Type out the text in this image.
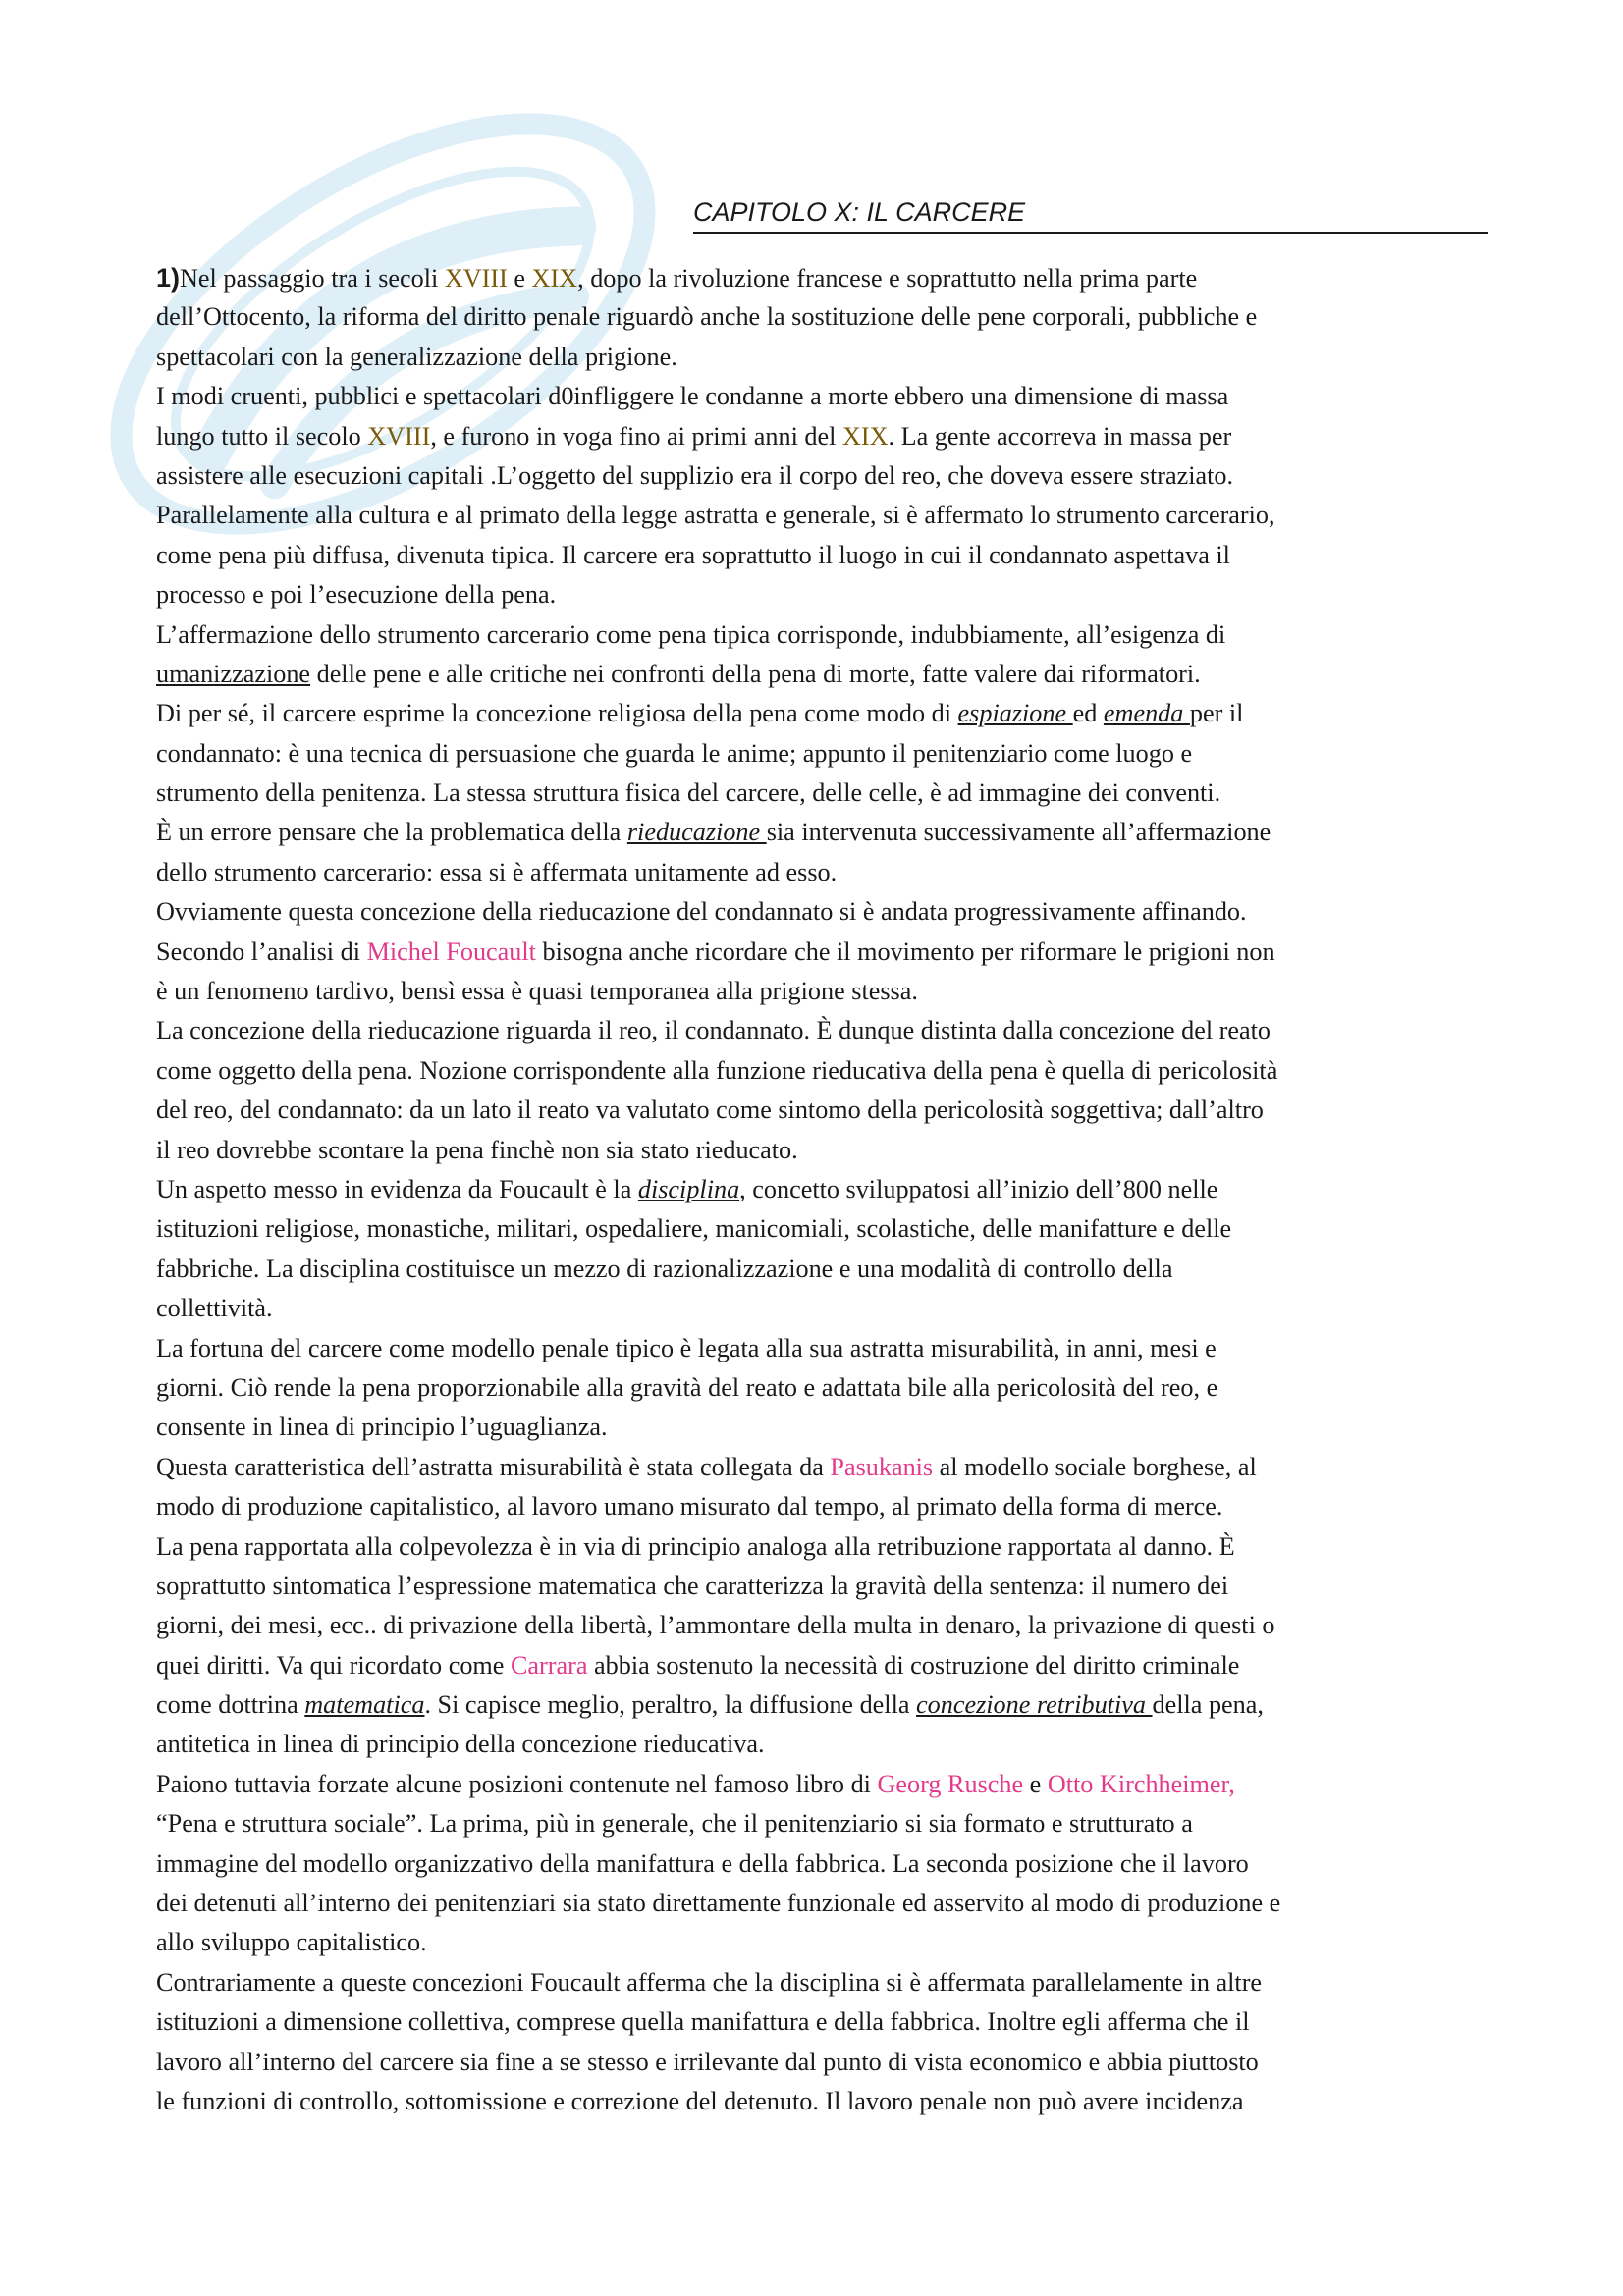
CAPITOLO X: IL CARCERE
1)Nel passaggio tra i secoli XVIII e XIX, dopo la rivoluzione francese e soprattutto nella prima parte
dell’Ottocento, la riforma del diritto penale riguardò anche la sostituzione delle pene corporali, pubbliche e
spettacolari con la generalizzazione della prigione.
I modi cruenti, pubblici e spettacolari d0infliggere le condanne a morte ebbero una dimensione di massa
lungo tutto il secolo XVIII, e furono in voga fino ai primi anni del XIX. La gente accorreva in massa per
assistere alle esecuzioni capitali .L’oggetto del supplizio era il corpo del reo, che doveva essere straziato.
Parallelamente alla cultura e al primato della legge astratta e generale, si è affermato lo strumento carcerario,
come pena più diffusa, divenuta tipica. Il carcere era soprattutto il luogo in cui il condannato aspettava il
processo e poi l’esecuzione della pena.
L’affermazione dello strumento carcerario come pena tipica corrisponde, indubbiamente, all’esigenza di
umanizzazione delle pene e alle critiche nei confronti della pena di morte, fatte valere dai riformatori.
Di per sé, il carcere esprime la concezione religiosa della pena come modo di espiazione ed emenda per il
condannato: è una tecnica di persuasione che guarda le anime; appunto il penitenziario come luogo e
strumento della penitenza. La stessa struttura fisica del carcere, delle celle, è ad immagine dei conventi.
È un errore pensare che la problematica della rieducazione sia intervenuta successivamente all’affermazione
dello strumento carcerario: essa si è affermata unitamente ad esso.
Ovviamente questa concezione della rieducazione del condannato si è andata progressivamente affinando.
Secondo l’analisi di Michel Foucault bisogna anche ricordare che il movimento per riformare le prigioni non
è un fenomeno tardivo, bensì essa è quasi temporanea alla prigione stessa.
La concezione della rieducazione riguarda il reo, il condannato. È dunque distinta dalla concezione del reato
come oggetto della pena. Nozione corrispondente alla funzione rieducativa della pena è quella di pericolosità
del reo, del condannato: da un lato il reato va valutato come sintomo della pericolosità soggettiva; dall’altro
il reo dovrebbe scontare la pena finchè non sia stato rieducato.
Un aspetto messo in evidenza da Foucault è la disciplina, concetto sviluppatosi all’inizio dell’800 nelle
istituzioni religiose, monastiche, militari, ospedaliere, manicomiali, scolastiche, delle manifatture e delle
fabbriche. La disciplina costituisce un mezzo di razionalizzazione e una modalità di controllo della
collettività.
La fortuna del carcere come modello penale tipico è legata alla sua astratta misurabilità, in anni, mesi e
giorni. Ciò rende la pena proporzionabile alla gravità del reato e adattata bile alla pericolosità del reo, e
consente in linea di principio l’uguaglianza.
Questa caratteristica dell’astratta misurabilità è stata collegata da Pasukanis al modello sociale borghese, al
modo di produzione capitalistico, al lavoro umano misurato dal tempo, al primato della forma di merce.
La pena rapportata alla colpevolezza è in via di principio analoga alla retribuzione rapportata al danno. È
soprattutto sintomatica l’espressione matematica che caratterizza la gravità della sentenza: il numero dei
giorni, dei mesi, ecc.. di privazione della libertà, l’ammontare della multa in denaro, la privazione di questi o
quei diritti. Va qui ricordato come Carrara abbia sostenuto la necessità di costruzione del diritto criminale
come dottrina matematica. Si capisce meglio, peraltro, la diffusione della concezione retributiva della pena,
antitetica in linea di principio della concezione rieducativa.
Paiono tuttavia forzate alcune posizioni contenute nel famoso libro di Georg Rusche e Otto Kirchheimer,
“Pena e struttura sociale”. La prima, più in generale, che il penitenziario si sia formato e strutturato a
immagine del modello organizzativo della manifattura e della fabbrica. La seconda posizione che il lavoro
dei detenuti all’interno dei penitenziari sia stato direttamente funzionale ed asservito al modo di produzione e
allo sviluppo capitalistico.
Contrariamente a queste concezioni Foucault afferma che la disciplina si è affermata parallelamente in altre
istituzioni a dimensione collettiva, comprese quella manifattura e della fabbrica. Inoltre egli afferma che il
lavoro all’interno del carcere sia fine a se stesso e irrilevante dal punto di vista economico e abbia piuttosto
le funzioni di controllo, sottomissione e correzione del detenuto. Il lavoro penale non può avere incidenza
